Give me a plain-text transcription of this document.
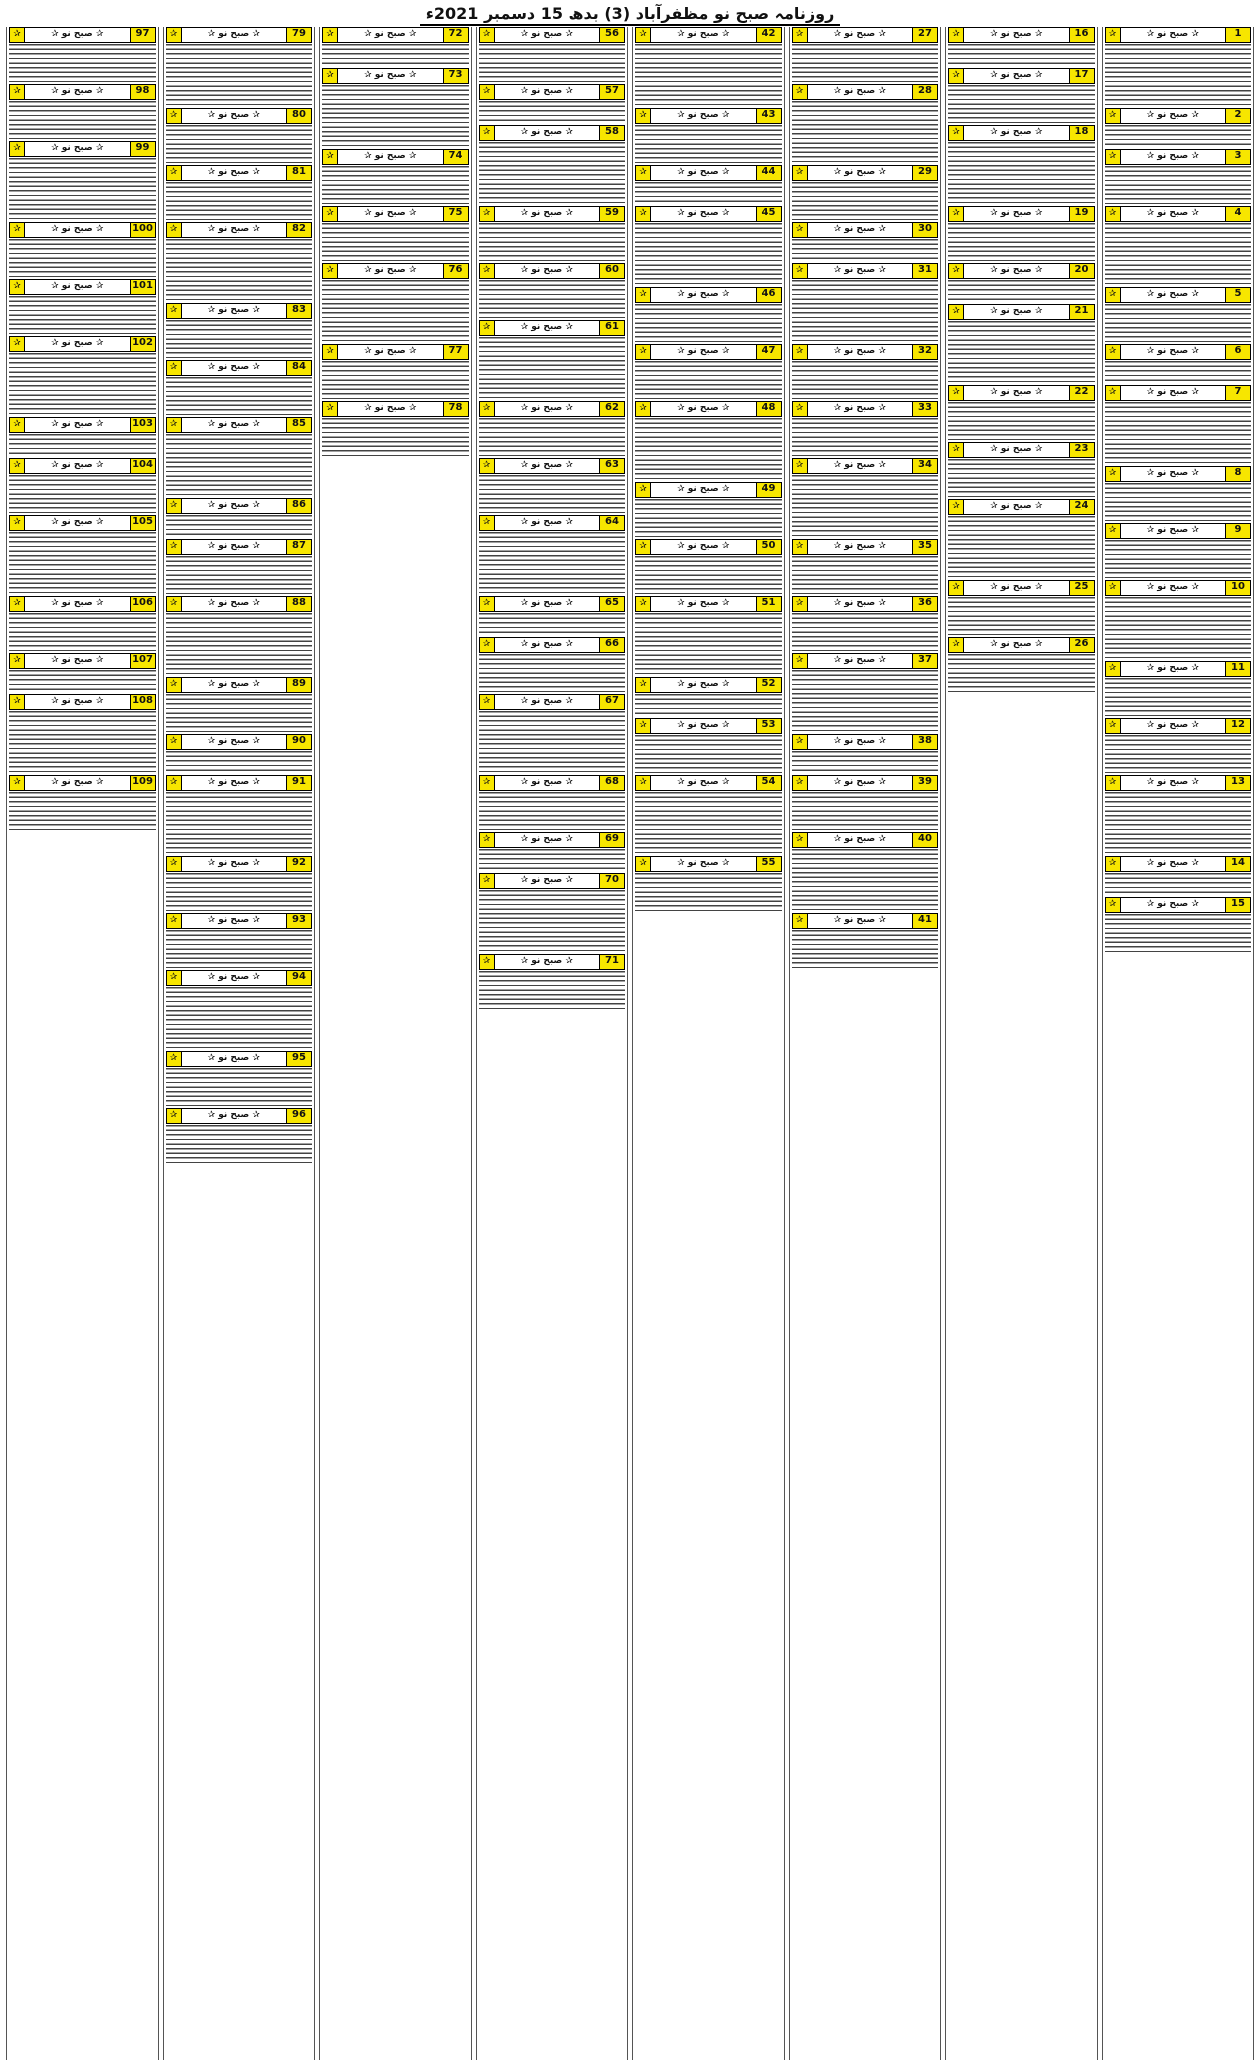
روزنامہ صبح نو مظفرآباد (3) بدھ 15 دسمبر 2021ء
1
✰ صبح نو ✰
✰
2
✰ صبح نو ✰
✰
3
✰ صبح نو ✰
✰
4
✰ صبح نو ✰
✰
5
✰ صبح نو ✰
✰
6
✰ صبح نو ✰
✰
7
✰ صبح نو ✰
✰
8
✰ صبح نو ✰
✰
9
✰ صبح نو ✰
✰
10
✰ صبح نو ✰
✰
11
✰ صبح نو ✰
✰
12
✰ صبح نو ✰
✰
13
✰ صبح نو ✰
✰
14
✰ صبح نو ✰
✰
15
✰ صبح نو ✰
✰
16
✰ صبح نو ✰
✰
17
✰ صبح نو ✰
✰
18
✰ صبح نو ✰
✰
19
✰ صبح نو ✰
✰
20
✰ صبح نو ✰
✰
21
✰ صبح نو ✰
✰
22
✰ صبح نو ✰
✰
23
✰ صبح نو ✰
✰
24
✰ صبح نو ✰
✰
25
✰ صبح نو ✰
✰
26
✰ صبح نو ✰
✰
27
✰ صبح نو ✰
✰
28
✰ صبح نو ✰
✰
29
✰ صبح نو ✰
✰
30
✰ صبح نو ✰
✰
31
✰ صبح نو ✰
✰
32
✰ صبح نو ✰
✰
33
✰ صبح نو ✰
✰
34
✰ صبح نو ✰
✰
35
✰ صبح نو ✰
✰
36
✰ صبح نو ✰
✰
37
✰ صبح نو ✰
✰
38
✰ صبح نو ✰
✰
39
✰ صبح نو ✰
✰
40
✰ صبح نو ✰
✰
41
✰ صبح نو ✰
✰
42
✰ صبح نو ✰
✰
43
✰ صبح نو ✰
✰
44
✰ صبح نو ✰
✰
45
✰ صبح نو ✰
✰
46
✰ صبح نو ✰
✰
47
✰ صبح نو ✰
✰
48
✰ صبح نو ✰
✰
49
✰ صبح نو ✰
✰
50
✰ صبح نو ✰
✰
51
✰ صبح نو ✰
✰
52
✰ صبح نو ✰
✰
53
✰ صبح نو ✰
✰
54
✰ صبح نو ✰
✰
55
✰ صبح نو ✰
✰
56
✰ صبح نو ✰
✰
57
✰ صبح نو ✰
✰
58
✰ صبح نو ✰
✰
59
✰ صبح نو ✰
✰
60
✰ صبح نو ✰
✰
61
✰ صبح نو ✰
✰
62
✰ صبح نو ✰
✰
63
✰ صبح نو ✰
✰
64
✰ صبح نو ✰
✰
65
✰ صبح نو ✰
✰
66
✰ صبح نو ✰
✰
67
✰ صبح نو ✰
✰
68
✰ صبح نو ✰
✰
69
✰ صبح نو ✰
✰
70
✰ صبح نو ✰
✰
71
✰ صبح نو ✰
✰
72
✰ صبح نو ✰
✰
73
✰ صبح نو ✰
✰
74
✰ صبح نو ✰
✰
75
✰ صبح نو ✰
✰
76
✰ صبح نو ✰
✰
77
✰ صبح نو ✰
✰
78
✰ صبح نو ✰
✰
79
✰ صبح نو ✰
✰
80
✰ صبح نو ✰
✰
81
✰ صبح نو ✰
✰
82
✰ صبح نو ✰
✰
83
✰ صبح نو ✰
✰
84
✰ صبح نو ✰
✰
85
✰ صبح نو ✰
✰
86
✰ صبح نو ✰
✰
87
✰ صبح نو ✰
✰
88
✰ صبح نو ✰
✰
89
✰ صبح نو ✰
✰
90
✰ صبح نو ✰
✰
91
✰ صبح نو ✰
✰
92
✰ صبح نو ✰
✰
93
✰ صبح نو ✰
✰
94
✰ صبح نو ✰
✰
95
✰ صبح نو ✰
✰
96
✰ صبح نو ✰
✰
97
✰ صبح نو ✰
✰
98
✰ صبح نو ✰
✰
99
✰ صبح نو ✰
✰
100
✰ صبح نو ✰
✰
101
✰ صبح نو ✰
✰
102
✰ صبح نو ✰
✰
103
✰ صبح نو ✰
✰
104
✰ صبح نو ✰
✰
105
✰ صبح نو ✰
✰
106
✰ صبح نو ✰
✰
107
✰ صبح نو ✰
✰
108
✰ صبح نو ✰
✰
109
✰ صبح نو ✰
✰
